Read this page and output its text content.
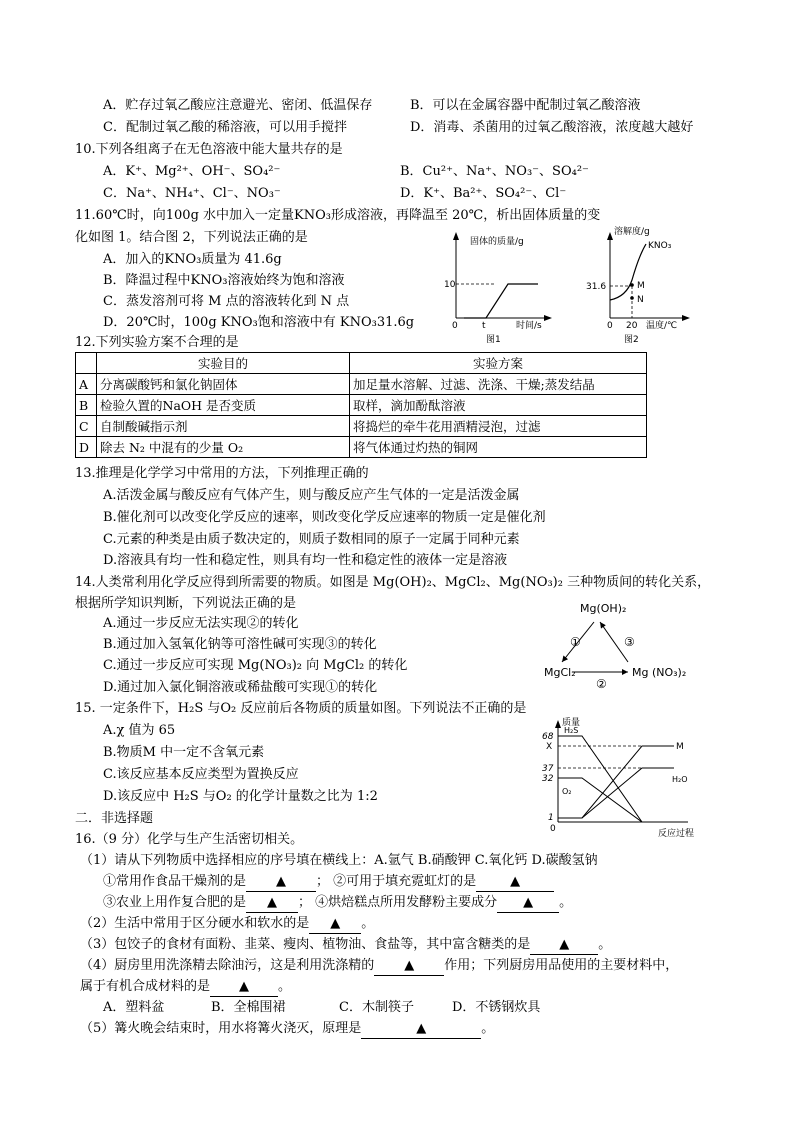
A．贮存过氧乙酸应注意避光、密闭、低温保存	B．可以在金属容器中配制过氧乙酸溶液
C．配制过氧乙酸的稀溶液，可以用手搅拌	D．消毒、杀菌用的过氧乙酸溶液，浓度越大越好
10.下列各组离子在无色溶液中能大量共存的是
A．K⁺、Mg²⁺、OH⁻、SO₄²⁻	B．Cu²⁺、Na⁺、NO₃⁻、SO₄²⁻
C．Na⁺、NH₄⁺、Cl⁻、NO₃⁻	D．K⁺、Ba²⁺、SO₄²⁻、Cl⁻
11.60℃时，向100g 水中加入一定量KNO₃形成溶液，再降温至 20℃，析出固体质量的变
化如图 1。结合图 2，下列说法正确的是
A．加入的KNO₃质量为 41.6g
B．降温过程中KNO₃溶液始终为饱和溶液
C．蒸发溶剂可将 M 点的溶液转化到 N 点
D．20℃时，100g KNO₃饱和溶液中有 KNO₃31.6g
固体的质量/g
10
0	t	时间/s
图1
溶解度/g
KNO₃
31.6	M
N
0 20 温度/℃
图2
12.下列实验方案不合理的是
	实验目的	实验方案
A	分离碳酸钙和氯化钠固体	加足量水溶解、过滤、洗涤、干燥;蒸发结晶
B	检验久置的NaOH 是否变质	取样，滴加酚酞溶液
C	自制酸碱指示剂	将捣烂的牵牛花用酒精浸泡，过滤
D	除去 N₂ 中混有的少量 O₂	将气体通过灼热的铜网
13.推理是化学学习中常用的方法，下列推理正确的
A.活泼金属与酸反应有气体产生，则与酸反应产生气体的一定是活泼金属
B.催化剂可以改变化学反应的速率，则改变化学反应速率的物质一定是催化剂
C.元素的种类是由质子数决定的，则质子数相同的原子一定属于同种元素
D.溶液具有均一性和稳定性，则具有均一性和稳定性的液体一定是溶液
14.人类常利用化学反应得到所需要的物质。如图是 Mg(OH)₂、MgCl₂、Mg(NO₃)₂ 三种物质间的转化关系，
根据所学知识判断，下列说法正确的是
A.通过一步反应无法实现②的转化
B.通过加入氢氧化钠等可溶性碱可实现③的转化
C.通过一步反应可实现 Mg(NO₃)₂ 向 MgCl₂ 的转化
D.通过加入氯化铜溶液或稀盐酸可实现①的转化
Mg(OH)₂
MgCl₂	Mg (NO₃)₂
①	③
②
15. 一定条件下，H₂S 与O₂ 反应前后各物质的质量如图。下列说法不正确的是
A.χ 值为 65
B.物质M 中一定不含氧元素
C.该反应基本反应类型为置换反应
D.该反应中 H₂S 与O₂ 的化学计量数之比为 1:2
质量
68
X
37
32
1
0
H₂S
O₂
M
H₂O
反应过程
二．非选择题
16.（9 分）化学与生产生活密切相关。
（1）请从下列物质中选择相应的序号填在横线上：A.氩气 B.硝酸钾 C.氧化钙 D.碳酸氢钠
①常用作食品干燥剂的是 ▲ ； ②可用于填充霓虹灯的是	▲
③农业上用作复合肥的是 ▲ ； ④烘焙糕点所用发酵粉主要成分 ▲ 。
（2）生活中常用于区分硬水和软水的是 ▲ 。
（3）包饺子的食材有面粉、韭菜、瘦肉、植物油、食盐等，其中富含糖类的是 ▲ 。
（4）厨房里用洗涤精去除油污，这是利用洗涤精的 ▲ 作用；下列厨房用品使用的主要材料中，
属于有机合成材料的是 ▲ 。
A．塑料盆	B．全棉围裙	C．木制筷子	D．不锈钢炊具
（5）篝火晚会结束时，用水将篝火浇灭，原理是	▲	。
